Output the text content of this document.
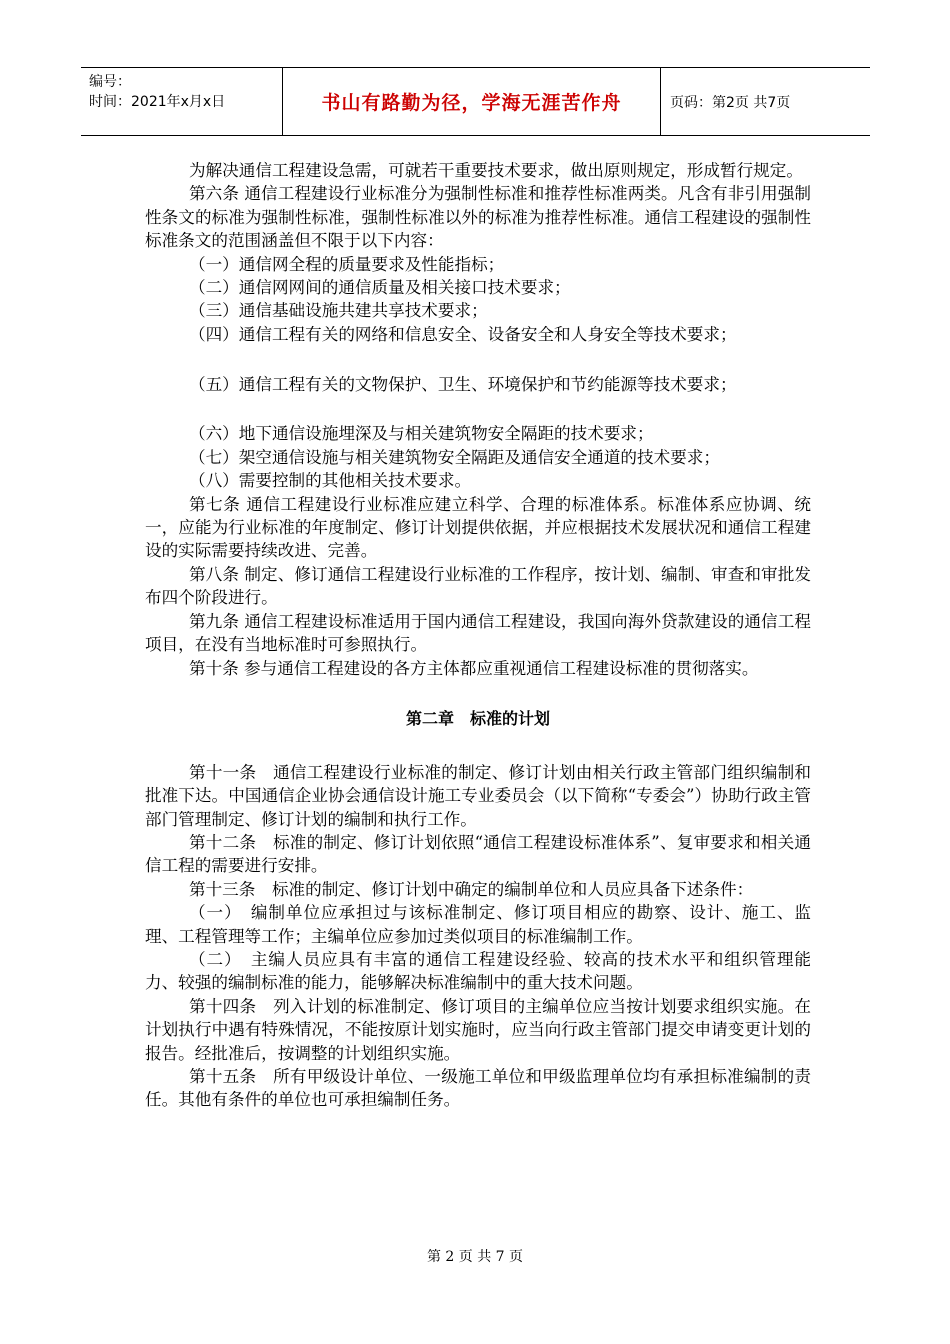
编号：
时间：2021年x月x日	书山有路勤为径，学海无涯苦作舟	页码：第2页 共7页

为解决通信工程建设急需，可就若干重要技术要求，做出原则规定，形成暂行规定。

第六条 通信工程建设行业标准分为强制性标准和推荐性标准两类。凡含有非引用强制性条文的标准为强制性标准，强制性标准以外的标准为推荐性标准。通信工程建设的强制性标准条文的范围涵盖但不限于以下内容：

（一）通信网全程的质量要求及性能指标；

（二）通信网网间的通信质量及相关接口技术要求；

（三）通信基础设施共建共享技术要求；

（四）通信工程有关的网络和信息安全、设备安全和人身安全等技术要求；

（五）通信工程有关的文物保护、卫生、环境保护和节约能源等技术要求；

（六）地下通信设施埋深及与相关建筑物安全隔距的技术要求；

（七）架空通信设施与相关建筑物安全隔距及通信安全通道的技术要求；

（八）需要控制的其他相关技术要求。

第七条 通信工程建设行业标准应建立科学、合理的标准体系。标准体系应协调、统一，应能为行业标准的年度制定、修订计划提供依据，并应根据技术发展状况和通信工程建设的实际需要持续改进、完善。

第八条 制定、修订通信工程建设行业标准的工作程序，按计划、编制、审查和审批发布四个阶段进行。

第九条 通信工程建设标准适用于国内通信工程建设，我国向海外贷款建设的通信工程项目，在没有当地标准时可参照执行。

第十条 参与通信工程建设的各方主体都应重视通信工程建设标准的贯彻落实。

第二章　标准的计划

第十一条　通信工程建设行业标准的制定、修订计划由相关行政主管部门组织编制和批准下达。中国通信企业协会通信设计施工专业委员会（以下简称“专委会”）协助行政主管部门管理制定、修订计划的编制和执行工作。

第十二条　标准的制定、修订计划依照“通信工程建设标准体系”、复审要求和相关通信工程的需要进行安排。

第十三条　标准的制定、修订计划中确定的编制单位和人员应具备下述条件：

（一）　编制单位应承担过与该标准制定、修订项目相应的勘察、设计、施工、监理、工程管理等工作；主编单位应参加过类似项目的标准编制工作。

（二）　主编人员应具有丰富的通信工程建设经验、较高的技术水平和组织管理能力、较强的编制标准的能力，能够解决标准编制中的重大技术问题。

第十四条　列入计划的标准制定、修订项目的主编单位应当按计划要求组织实施。在计划执行中遇有特殊情况，不能按原计划实施时，应当向行政主管部门提交申请变更计划的报告。经批准后，按调整的计划组织实施。

第十五条　所有甲级设计单位、一级施工单位和甲级监理单位均有承担标准编制的责任。其他有条件的单位也可承担编制任务。

第 2 页 共 7 页
